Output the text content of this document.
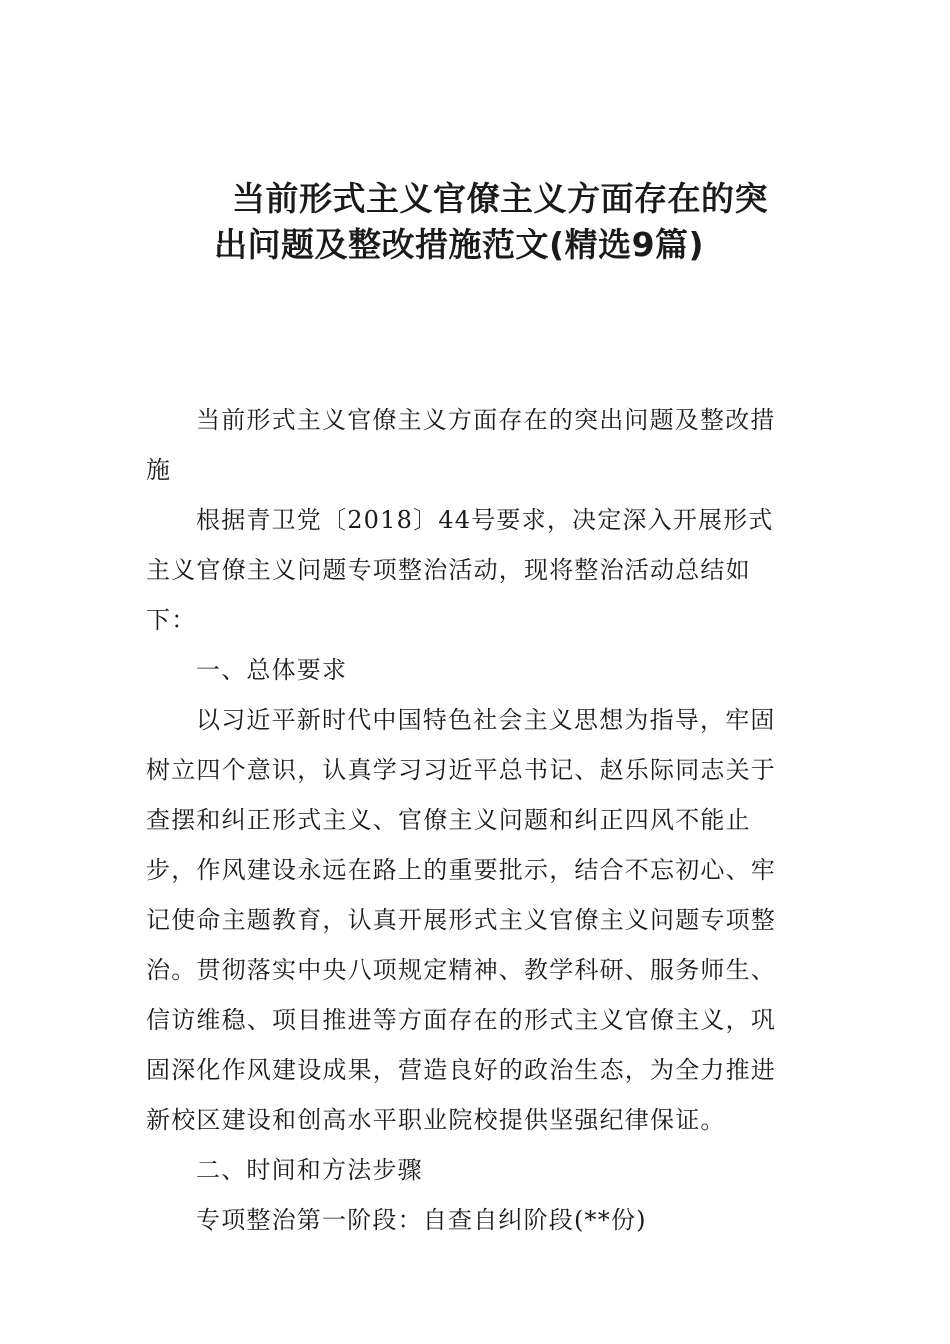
当前形式主义官僚主义方面存在的突
出问题及整改措施范文(精选9篇)

当前形式主义官僚主义方面存在的突出问题及整改措施

根据青卫党〔2018〕44号要求，决定深入开展形式主义官僚主义问题专项整治活动，现将整治活动总结如下：

一、总体要求

以习近平新时代中国特色社会主义思想为指导，牢固树立四个意识，认真学习习近平总书记、赵乐际同志关于查摆和纠正形式主义、官僚主义问题和纠正四风不能止步，作风建设永远在路上的重要批示，结合不忘初心、牢记使命主题教育，认真开展形式主义官僚主义问题专项整治。贯彻落实中央八项规定精神、教学科研、服务师生、信访维稳、项目推进等方面存在的形式主义官僚主义，巩固深化作风建设成果，营造良好的政治生态，为全力推进新校区建设和创高水平职业院校提供坚强纪律保证。

二、时间和方法步骤

专项整治第一阶段：自查自纠阶段(**份)
